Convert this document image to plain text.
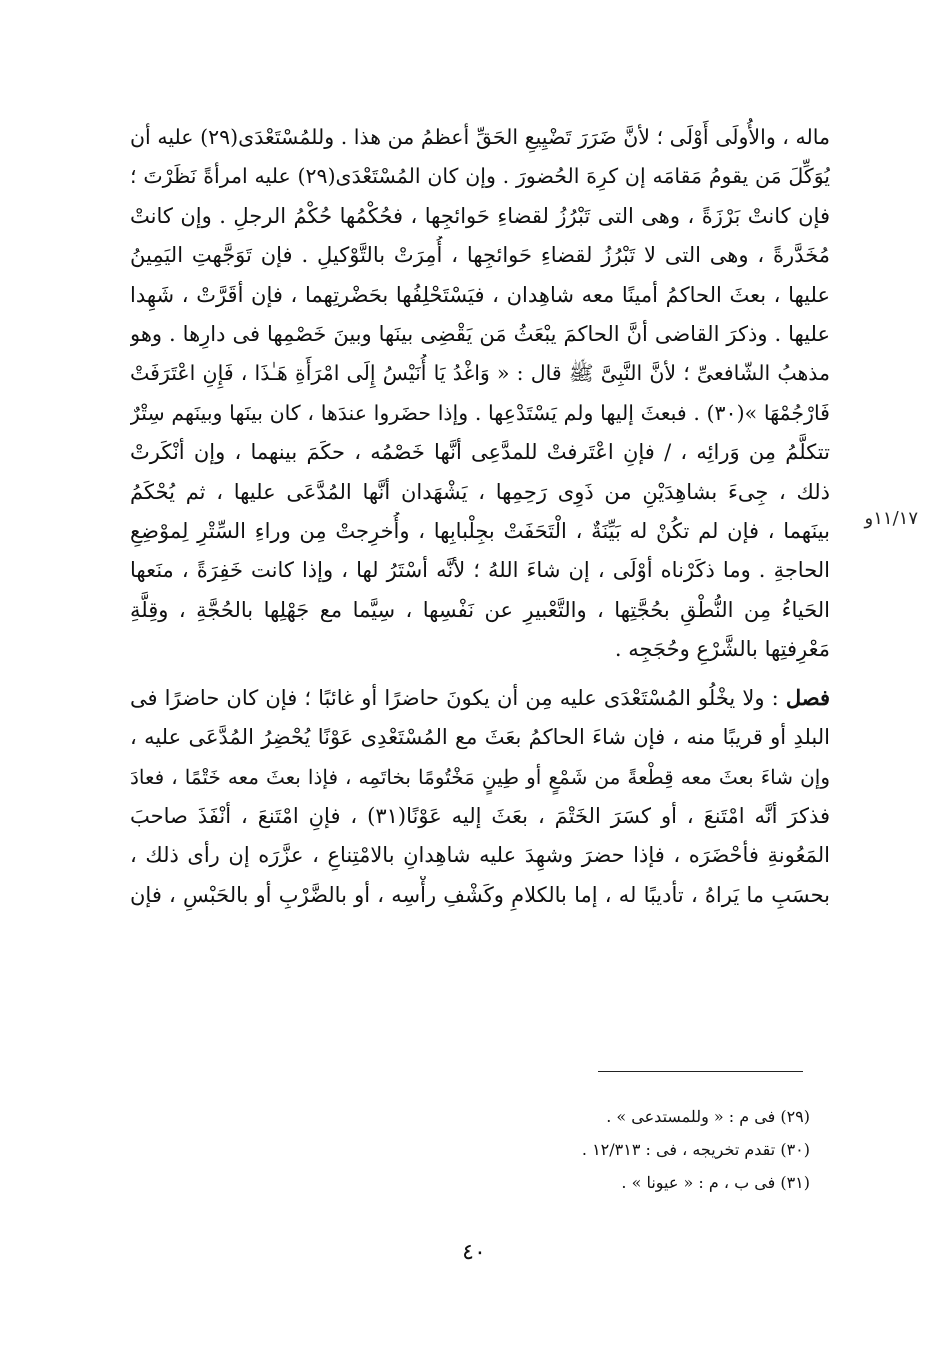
١١/١٧و
ماله ، والأُولَى أَوْلَى ؛ لأنَّ ضَرَرَ تَضْيِيعِ الحَقِّ أعظمُ من هذا . وللمُسْتَعْدَى(٢٩) عليه أن
يُوَكِّلَ مَن يقومُ مَقامَه إن كرِهَ الحُضورَ . وإن كان المُسْتَعْدَى(٢٩) عليه امرأةً نَظَرْتَ ؛
فإن كانتْ بَرْزَةً ، وهى التى تَبْرُزُ لقضاءِ حَوائجِها ، فحُكْمُها حُكْمُ الرجلِ . وإن كانتْ
مُخَدَّرةً ، وهى التى لا تَبْرُزُ لقضاءِ حَوائجِها ، أُمِرَتْ بالتَّوْكيلِ . فإن تَوَجَّهتِ اليَمِينُ
عليها ، بعثَ الحاكمُ أمينًا معه شاهِدان ، فيَسْتَحْلِفُها بحَضْرتِهما ، فإن أقَرَّتْ ، شَهِدا
عليها . وذكرَ القاضى أنَّ الحاكمَ يبْعَثُ مَن يَقْضِى بينَها وبينَ خَصْمِها فى دارِها . وهو
مذهبُ الشّافعىِّ ؛ لأنَّ النَّبِىَّ ﷺ قال : « وَاغْدُ يَا أُنَيْسُ إِلَى امْرَأَةِ هَـٰذَا ، فَإِنِ اعْتَرَفَتْ
فَارْجُمْهَا »(٣٠) . فبعثَ إليها ولم يَسْتَدْعِها . وإذا حضَروا عندَها ، كان بينَها وبينَهم سِتْرٌ
تتكلَّمُ مِن وَرائِه ، / فإنِ اعْتَرفتْ للمدَّعِى أنَّها خَصْمُه ، حكَمَ بينهما ، وإن أنْكَرتْ
ذلك ، جِىءَ بشاهِدَيْنِ من ذَوِى رَحِمِها ، يَشْهَدان أنَّها المُدَّعَى عليها ، ثم يُحْكَمُ
بينَهما ، فإن لم تكُنْ له بَيِّنَةٌ ، الْتَحَفَتْ بجِلْبابِها ، وأُخرِجتْ مِن وراءِ السِّتْرِ لِموْضِعِ
الحاجةِ . وما ذكَرْناه أوْلَى ، إن شاءَ اللهُ ؛ لأنَّه أسْتَرُ لها ، وإذا كانت خَفِرَةً ، منَعها
الحَياءُ مِن النُّطْقِ بحُجَّتِها ، والتَّعْبيرِ عن نَفْسِها ، سِيَّما مع جَهْلِها بالحُجَّةِ ، وقِلَّةِ
مَعْرِفتِها بالشَّرْعِ وحُجَجِه .
فصل : ولا يخْلُو المُسْتَعْدَى عليه مِن أن يكونَ حاضرًا أو غائبًا ؛ فإن كان حاضرًا فى
البلدِ أو قريبًا منه ، فإن شاءَ الحاكمُ بعَثَ مع المُسْتَعْدِى عَوْنًا يُحْضِرُ المُدَّعَى عليه ،
وإن شاءَ بعثَ معه قِطْعةً من شَمْعٍ أو طِينٍ مَخْتُومًا بخاتَمِه ، فإذا بعثَ معه خَتْمًا ، فعادَ
فذكرَ أنَّه امْتَنعَ ، أو كسَرَ الخَتْمَ ، بعَثَ إليه عَوْنًا(٣١) ، فإنِ امْتَنعَ ، أنْفَذَ صاحبَ
المَعُونةِ فأحْضَرَه ، فإذا حضرَ وشهِدَ عليه شاهِدانِ بالامْتِناعِ ، عزَّرَه إن رأى ذلك ،
بحسَبِ ما يَراهُ ، تأديبًا له ، إما بالكلامِ وكَشْفِ رأْسِه ، أو بالضَّرْبِ أو بالحَبْسِ ، فإن
(٢٩) فى م : « وللمستدعى » .
(٣٠) تقدم تخريجه ، فى : ١٢/٣١٣ .
(٣١) فى ب ، م : « عيونا » .
٤٠
